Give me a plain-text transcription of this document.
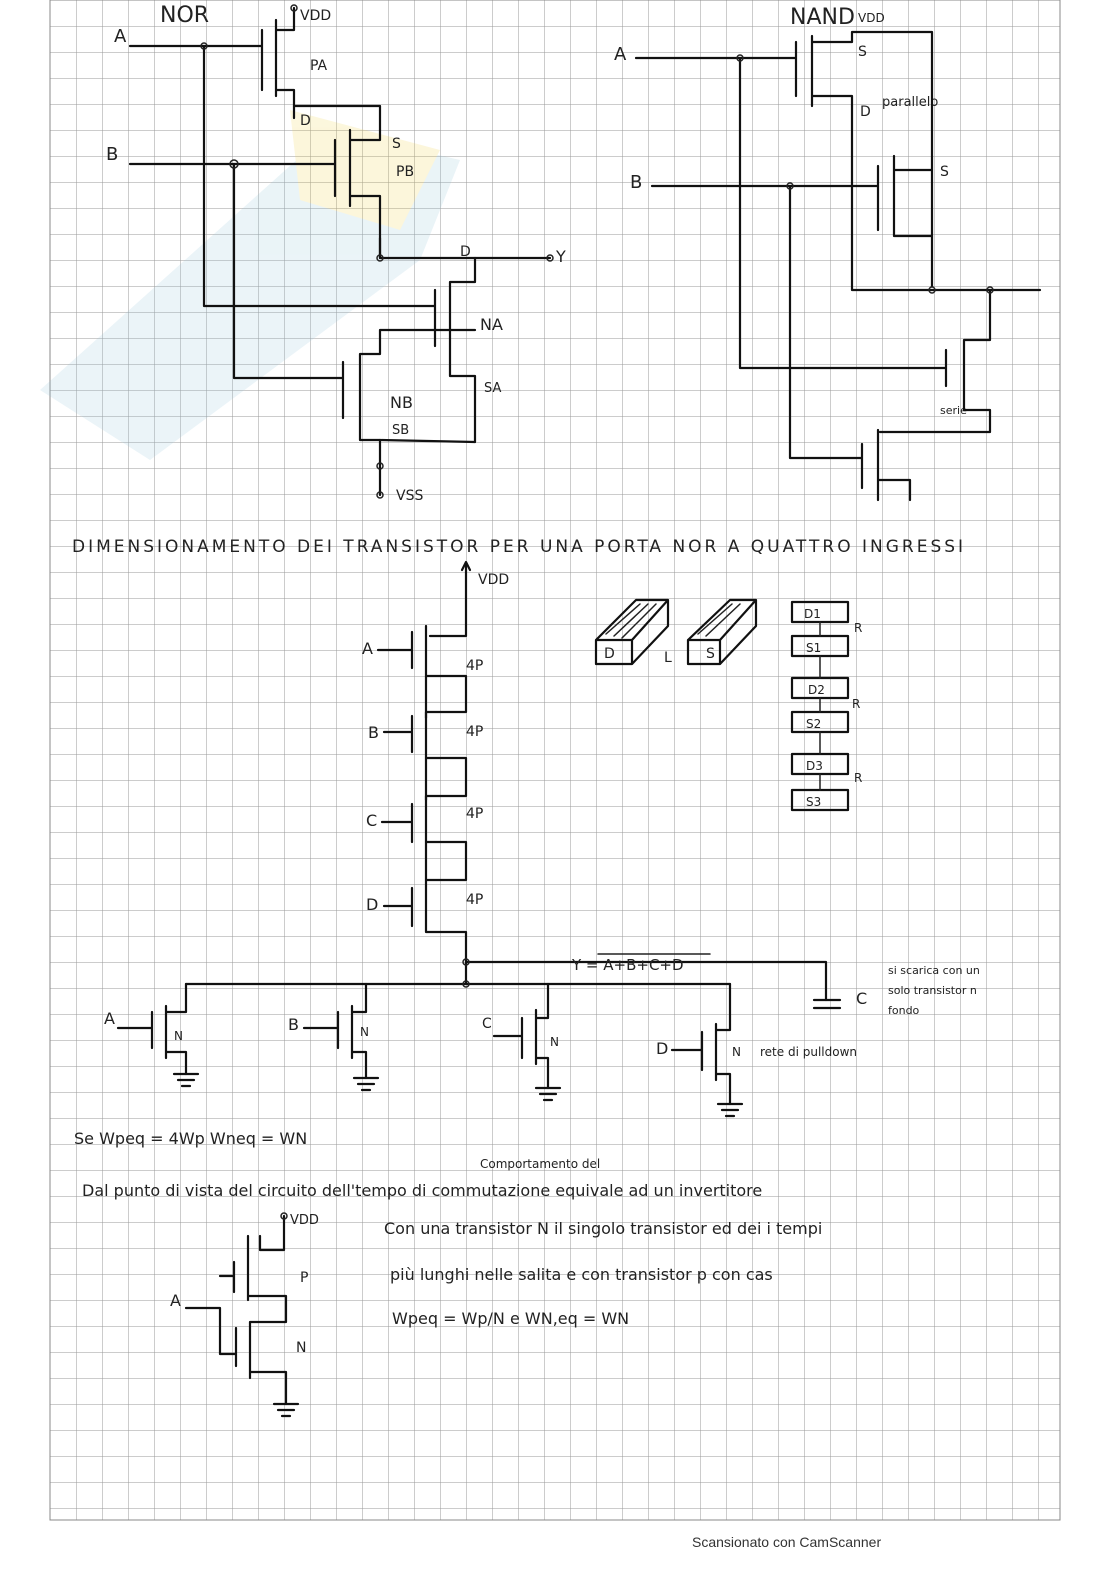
NOR
A
B
VDD
PA
D
S
PB
D	Y
NA
SA
NB
SB
VSS
NAND VDD
A
B
S
D
parallelo
S
serie
DIMENSIONAMENTO DEI TRANSISTOR PER UNA PORTA NOR A QUATTRO INGRESSI
VDD
A
4P
B	4P
C	4P
D	4P
Y = A+B+C+D
C
si scarica con un
solo transistor n
fondo
A
N
B	N	C
N	D	N rete di pulldown
D	L S
D1
S1
D2
S2
D3
S3
R
R
R
Se Wpeq = 4Wp Wneq = WN
Comportamento del
Dal punto di vista del circuito dell'tempo di commutazione equivale ad un invertitore
Con una transistor N il singolo transistor ed dei i tempi
più lunghi nelle salita e con transistor p con cas
Wpeq = Wp/N e WN,eq = WN
VDD
A
P
N
Scansionato con CamScanner
